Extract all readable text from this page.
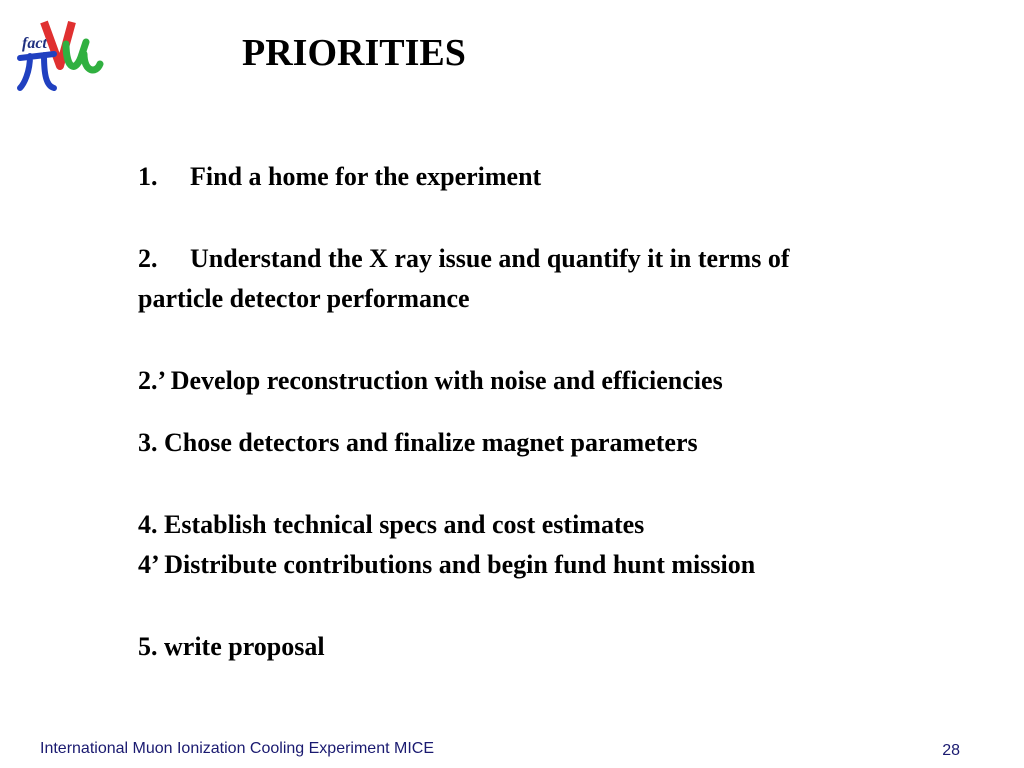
fact	PRIORITIES

1. Find a home for the experiment

2. Understand the X ray issue and quantify it in terms of

particle detector performance

2.’ Develop reconstruction with noise and efficiencies

3. Chose detectors and finalize magnet parameters

4. Establish technical specs and cost estimates

4’ Distribute contributions and begin fund hunt mission

5. write proposal

International Muon Ionization Cooling Experiment MICE	28
